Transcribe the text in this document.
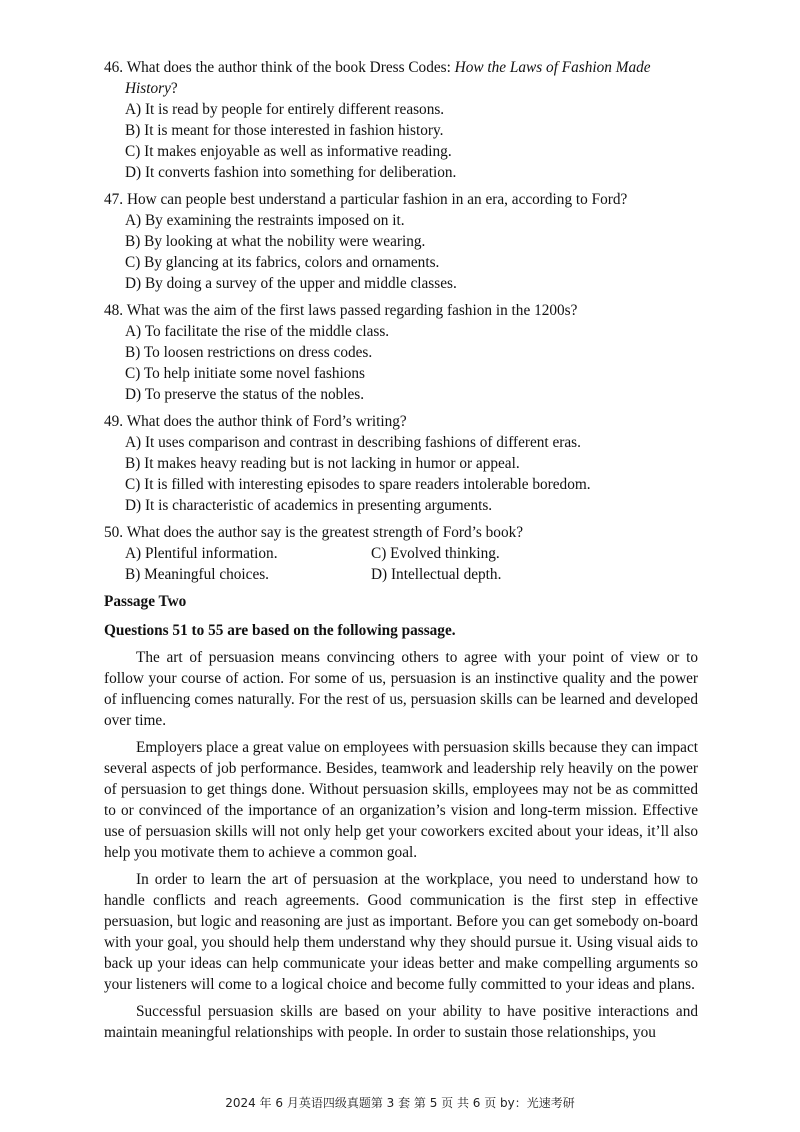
46. What does the author think of the book Dress Codes: How the Laws of Fashion Made History?
A) It is read by people for entirely different reasons.
B) It is meant for those interested in fashion history.
C) It makes enjoyable as well as informative reading.
D) It converts fashion into something for deliberation.
47. How can people best understand a particular fashion in an era, according to Ford?
A) By examining the restraints imposed on it.
B) By looking at what the nobility were wearing.
C) By glancing at its fabrics, colors and ornaments.
D) By doing a survey of the upper and middle classes.
48. What was the aim of the first laws passed regarding fashion in the 1200s?
A) To facilitate the rise of the middle class.
B) To loosen restrictions on dress codes.
C) To help initiate some novel fashions
D) To preserve the status of the nobles.
49. What does the author think of Ford’s writing?
A) It uses comparison and contrast in describing fashions of different eras.
B) It makes heavy reading but is not lacking in humor or appeal.
C) It is filled with interesting episodes to spare readers intolerable boredom.
D) It is characteristic of academics in presenting arguments.
50. What does the author say is the greatest strength of Ford’s book?
A) Plentiful information.	C) Evolved thinking.
B) Meaningful choices.	D) Intellectual depth.
Passage Two
Questions 51 to 55 are based on the following passage.

The art of persuasion means convincing others to agree with your point of view or to follow your course of action. For some of us, persuasion is an instinctive quality and the power of influencing comes naturally. For the rest of us, persuasion skills can be learned and developed over time.

Employers place a great value on employees with persuasion skills because they can impact several aspects of job performance. Besides, teamwork and leadership rely heavily on the power of persuasion to get things done. Without persuasion skills, employees may not be as committed to or convinced of the importance of an organization’s vision and long-term mission. Effective use of persuasion skills will not only help get your coworkers excited about your ideas, it’ll also help you motivate them to achieve a common goal.

In order to learn the art of persuasion at the workplace, you need to understand how to handle conflicts and reach agreements. Good communication is the first step in effective persuasion, but logic and reasoning are just as important. Before you can get somebody on-board with your goal, you should help them understand why they should pursue it. Using visual aids to back up your ideas can help communicate your ideas better and make compelling arguments so your listeners will come to a logical choice and become fully committed to your ideas and plans.

Successful persuasion skills are based on your ability to have positive interactions and maintain meaningful relationships with people. In order to sustain those relationships, you

2024 年 6 月英语四级真题第 3 套 第 5 页 共 6 页 by：光速考研
